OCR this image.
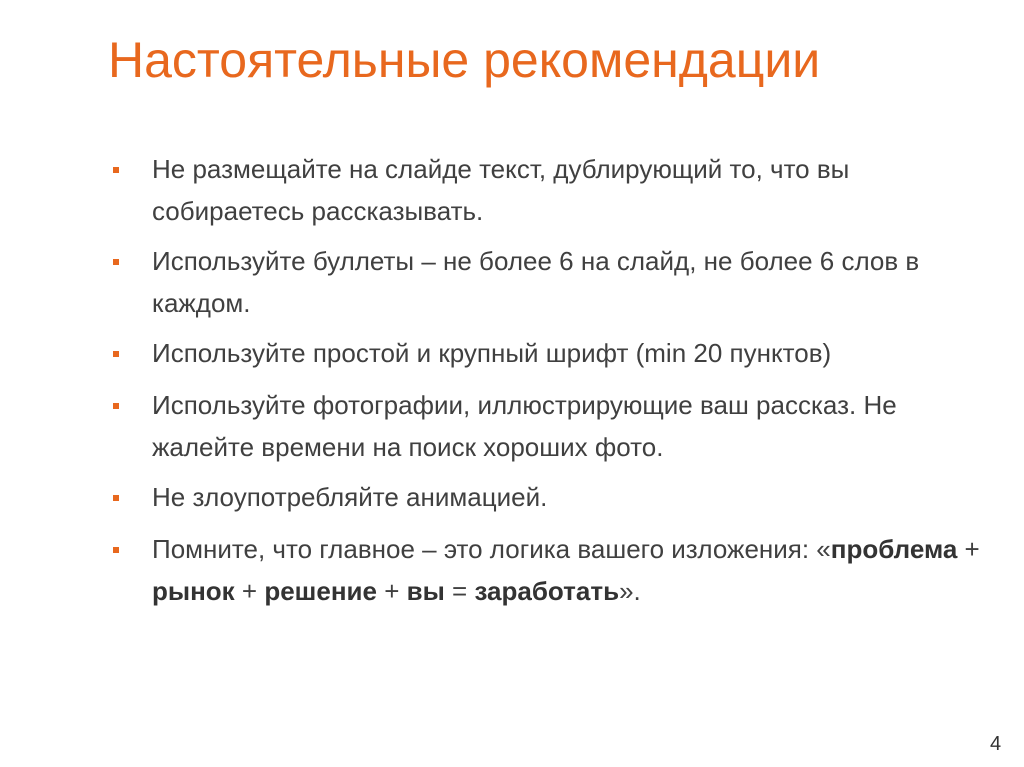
Настоятельные рекомендации
Не размещайте на слайде текст, дублирующий то, что вы собираетесь рассказывать.
Используйте буллеты – не более 6 на слайд, не более 6 слов в каждом.
Используйте простой и крупный шрифт (min 20 пунктов)
Используйте фотографии, иллюстрирующие ваш рассказ. Не жалейте времени на поиск хороших фото.
Не злоупотребляйте анимацией.
Помните, что главное – это логика вашего изложения: «проблема + рынок + решение + вы = заработать».
4
